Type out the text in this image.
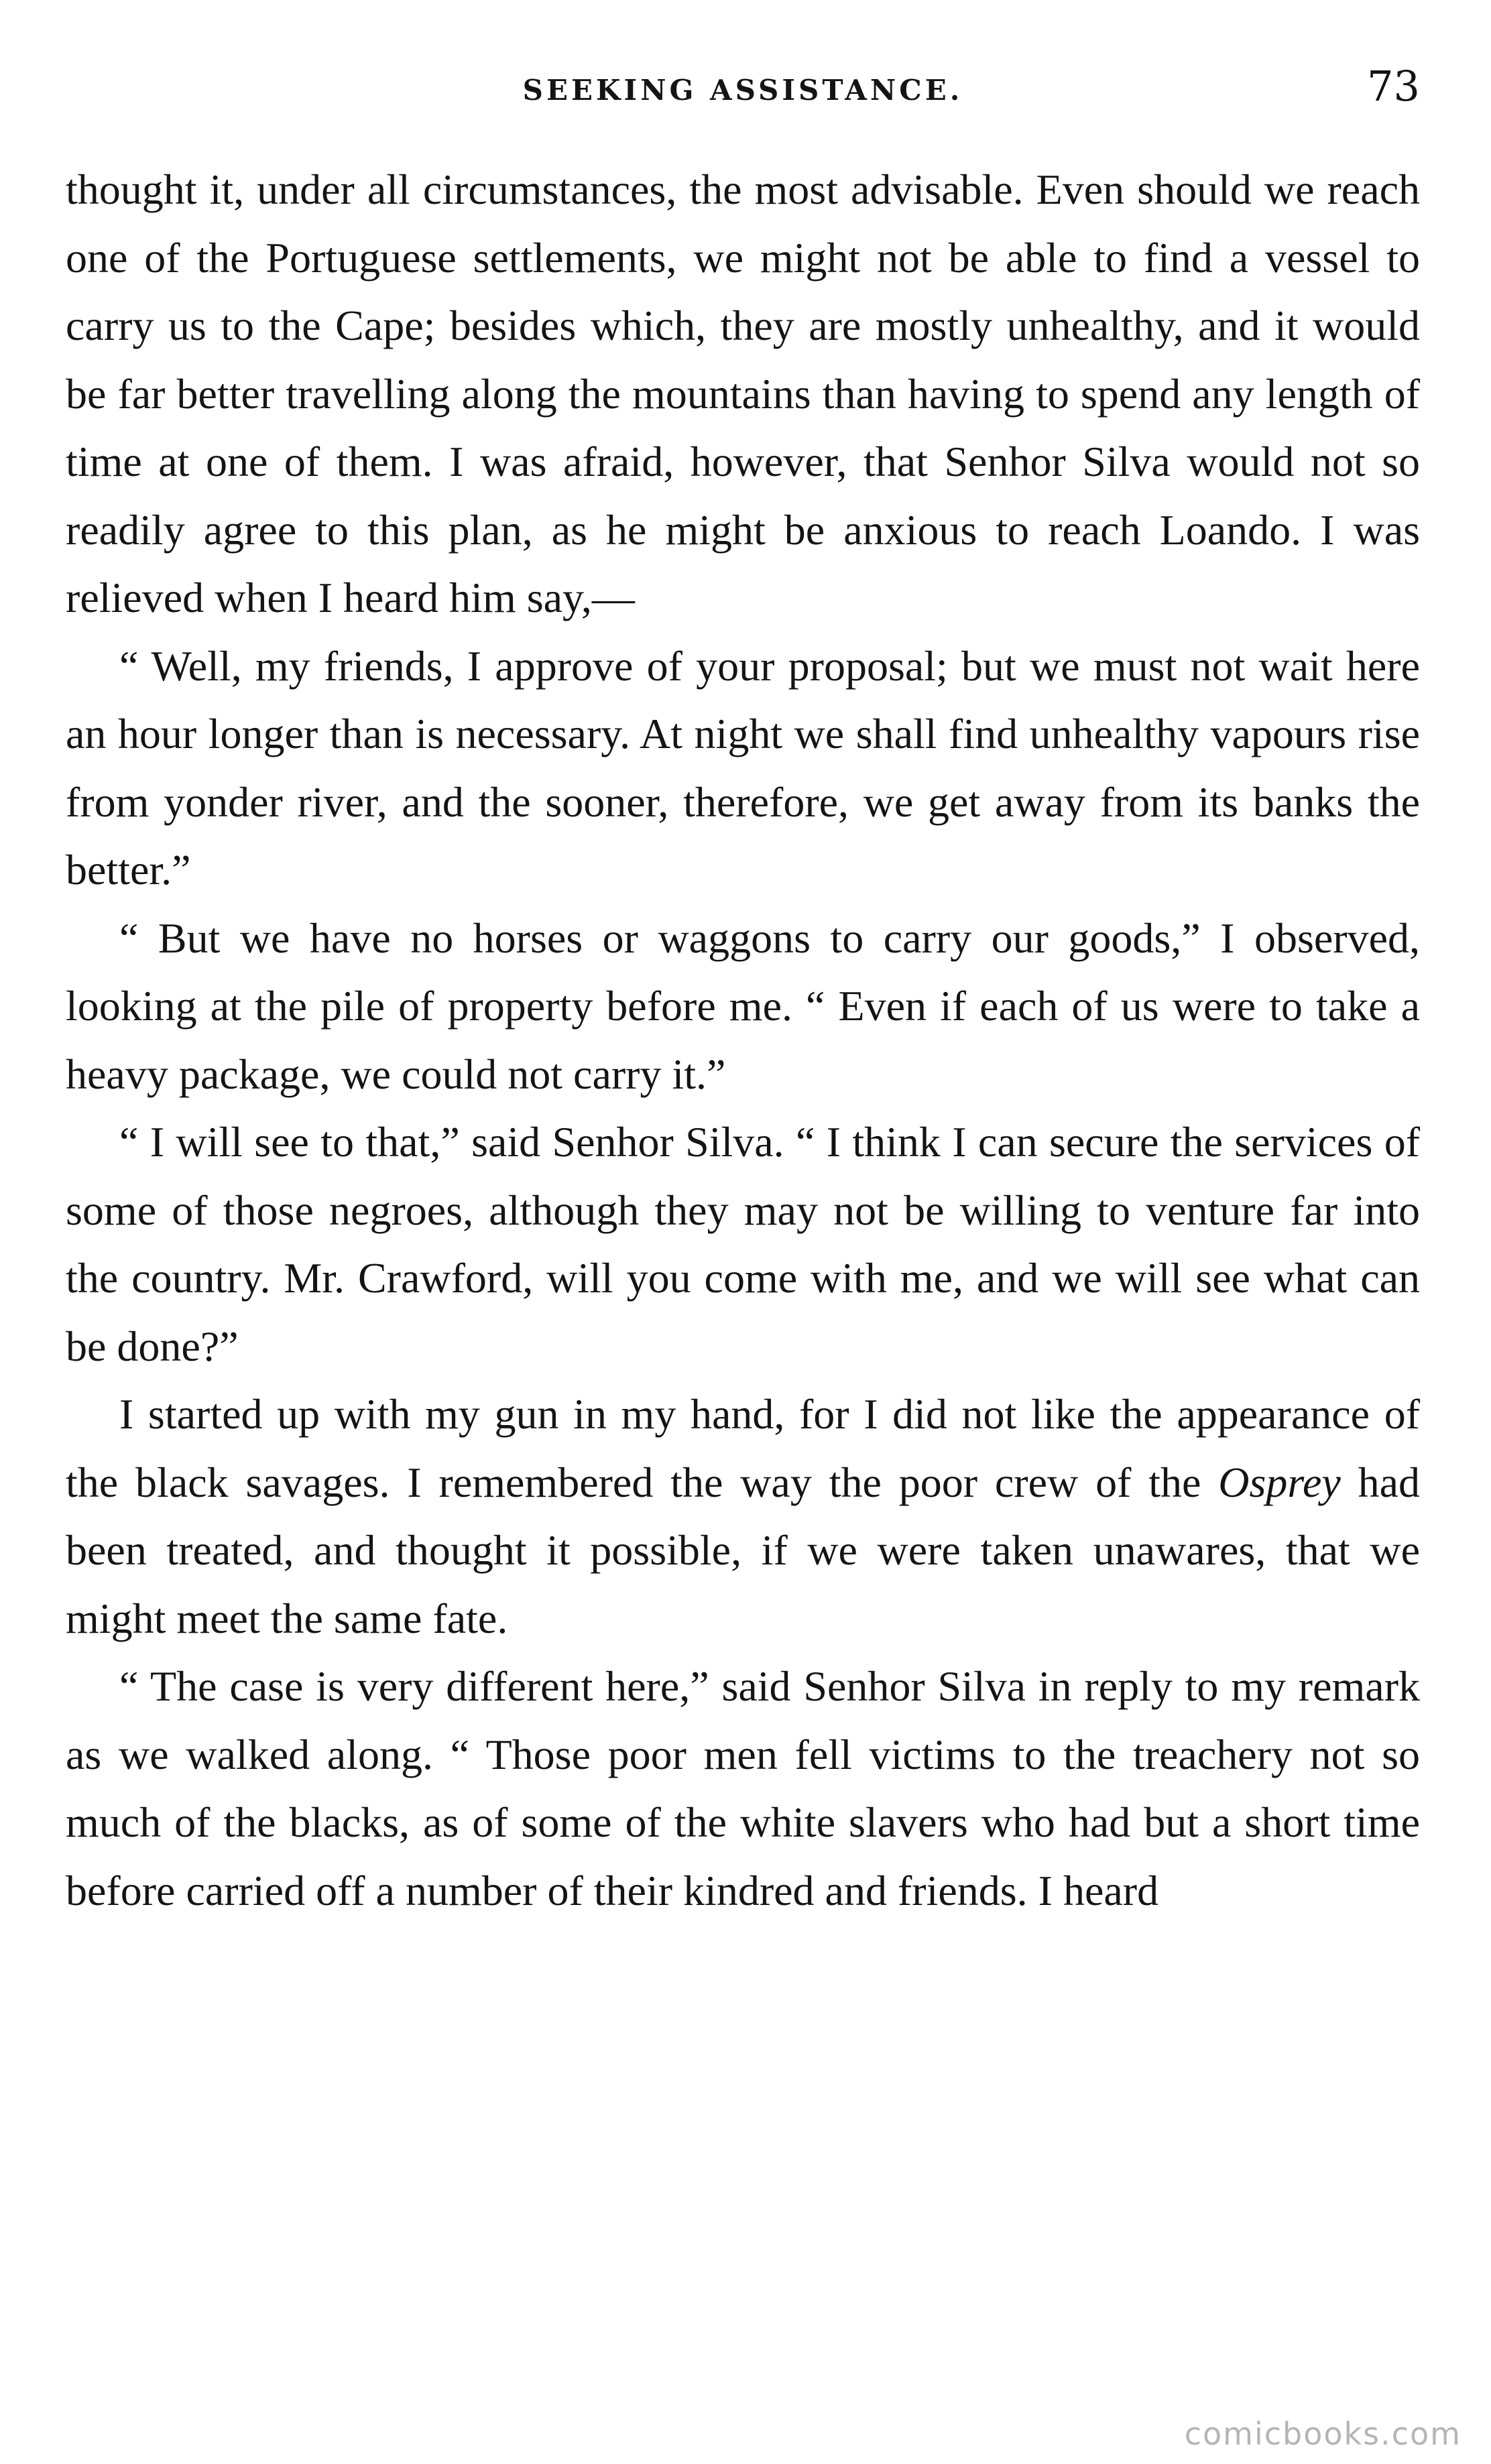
SEEKING ASSISTANCE.	73

thought it, under all circumstances, the most advisable. Even should we reach one of the Portuguese settlements, we might not be able to find a vessel to carry us to the Cape; besides which, they are mostly unhealthy, and it would be far better travelling along the mountains than having to spend any length of time at one of them. I was afraid, however, that Senhor Silva would not so readily agree to this plan, as he might be anxious to reach Loando. I was relieved when I heard him say,—

“ Well, my friends, I approve of your proposal; but we must not wait here an hour longer than is necessary. At night we shall find unhealthy vapours rise from yonder river, and the sooner, therefore, we get away from its banks the better.”

“ But we have no horses or waggons to carry our goods,” I observed, looking at the pile of property before me. “ Even if each of us were to take a heavy package, we could not carry it.”

“ I will see to that,” said Senhor Silva. “ I think I can secure the services of some of those negroes, although they may not be willing to venture far into the country. Mr. Crawford, will you come with me, and we will see what can be done?”

I started up with my gun in my hand, for I did not like the appearance of the black savages. I remembered the way the poor crew of the Osprey had been treated, and thought it possible, if we were taken unawares, that we might meet the same fate.

“ The case is very different here,” said Senhor Silva in reply to my remark as we walked along. “ Those poor men fell victims to the treachery not so much of the blacks, as of some of the white slavers who had but a short time before carried off a number of their kindred and friends. I heard

comicbooks.com
